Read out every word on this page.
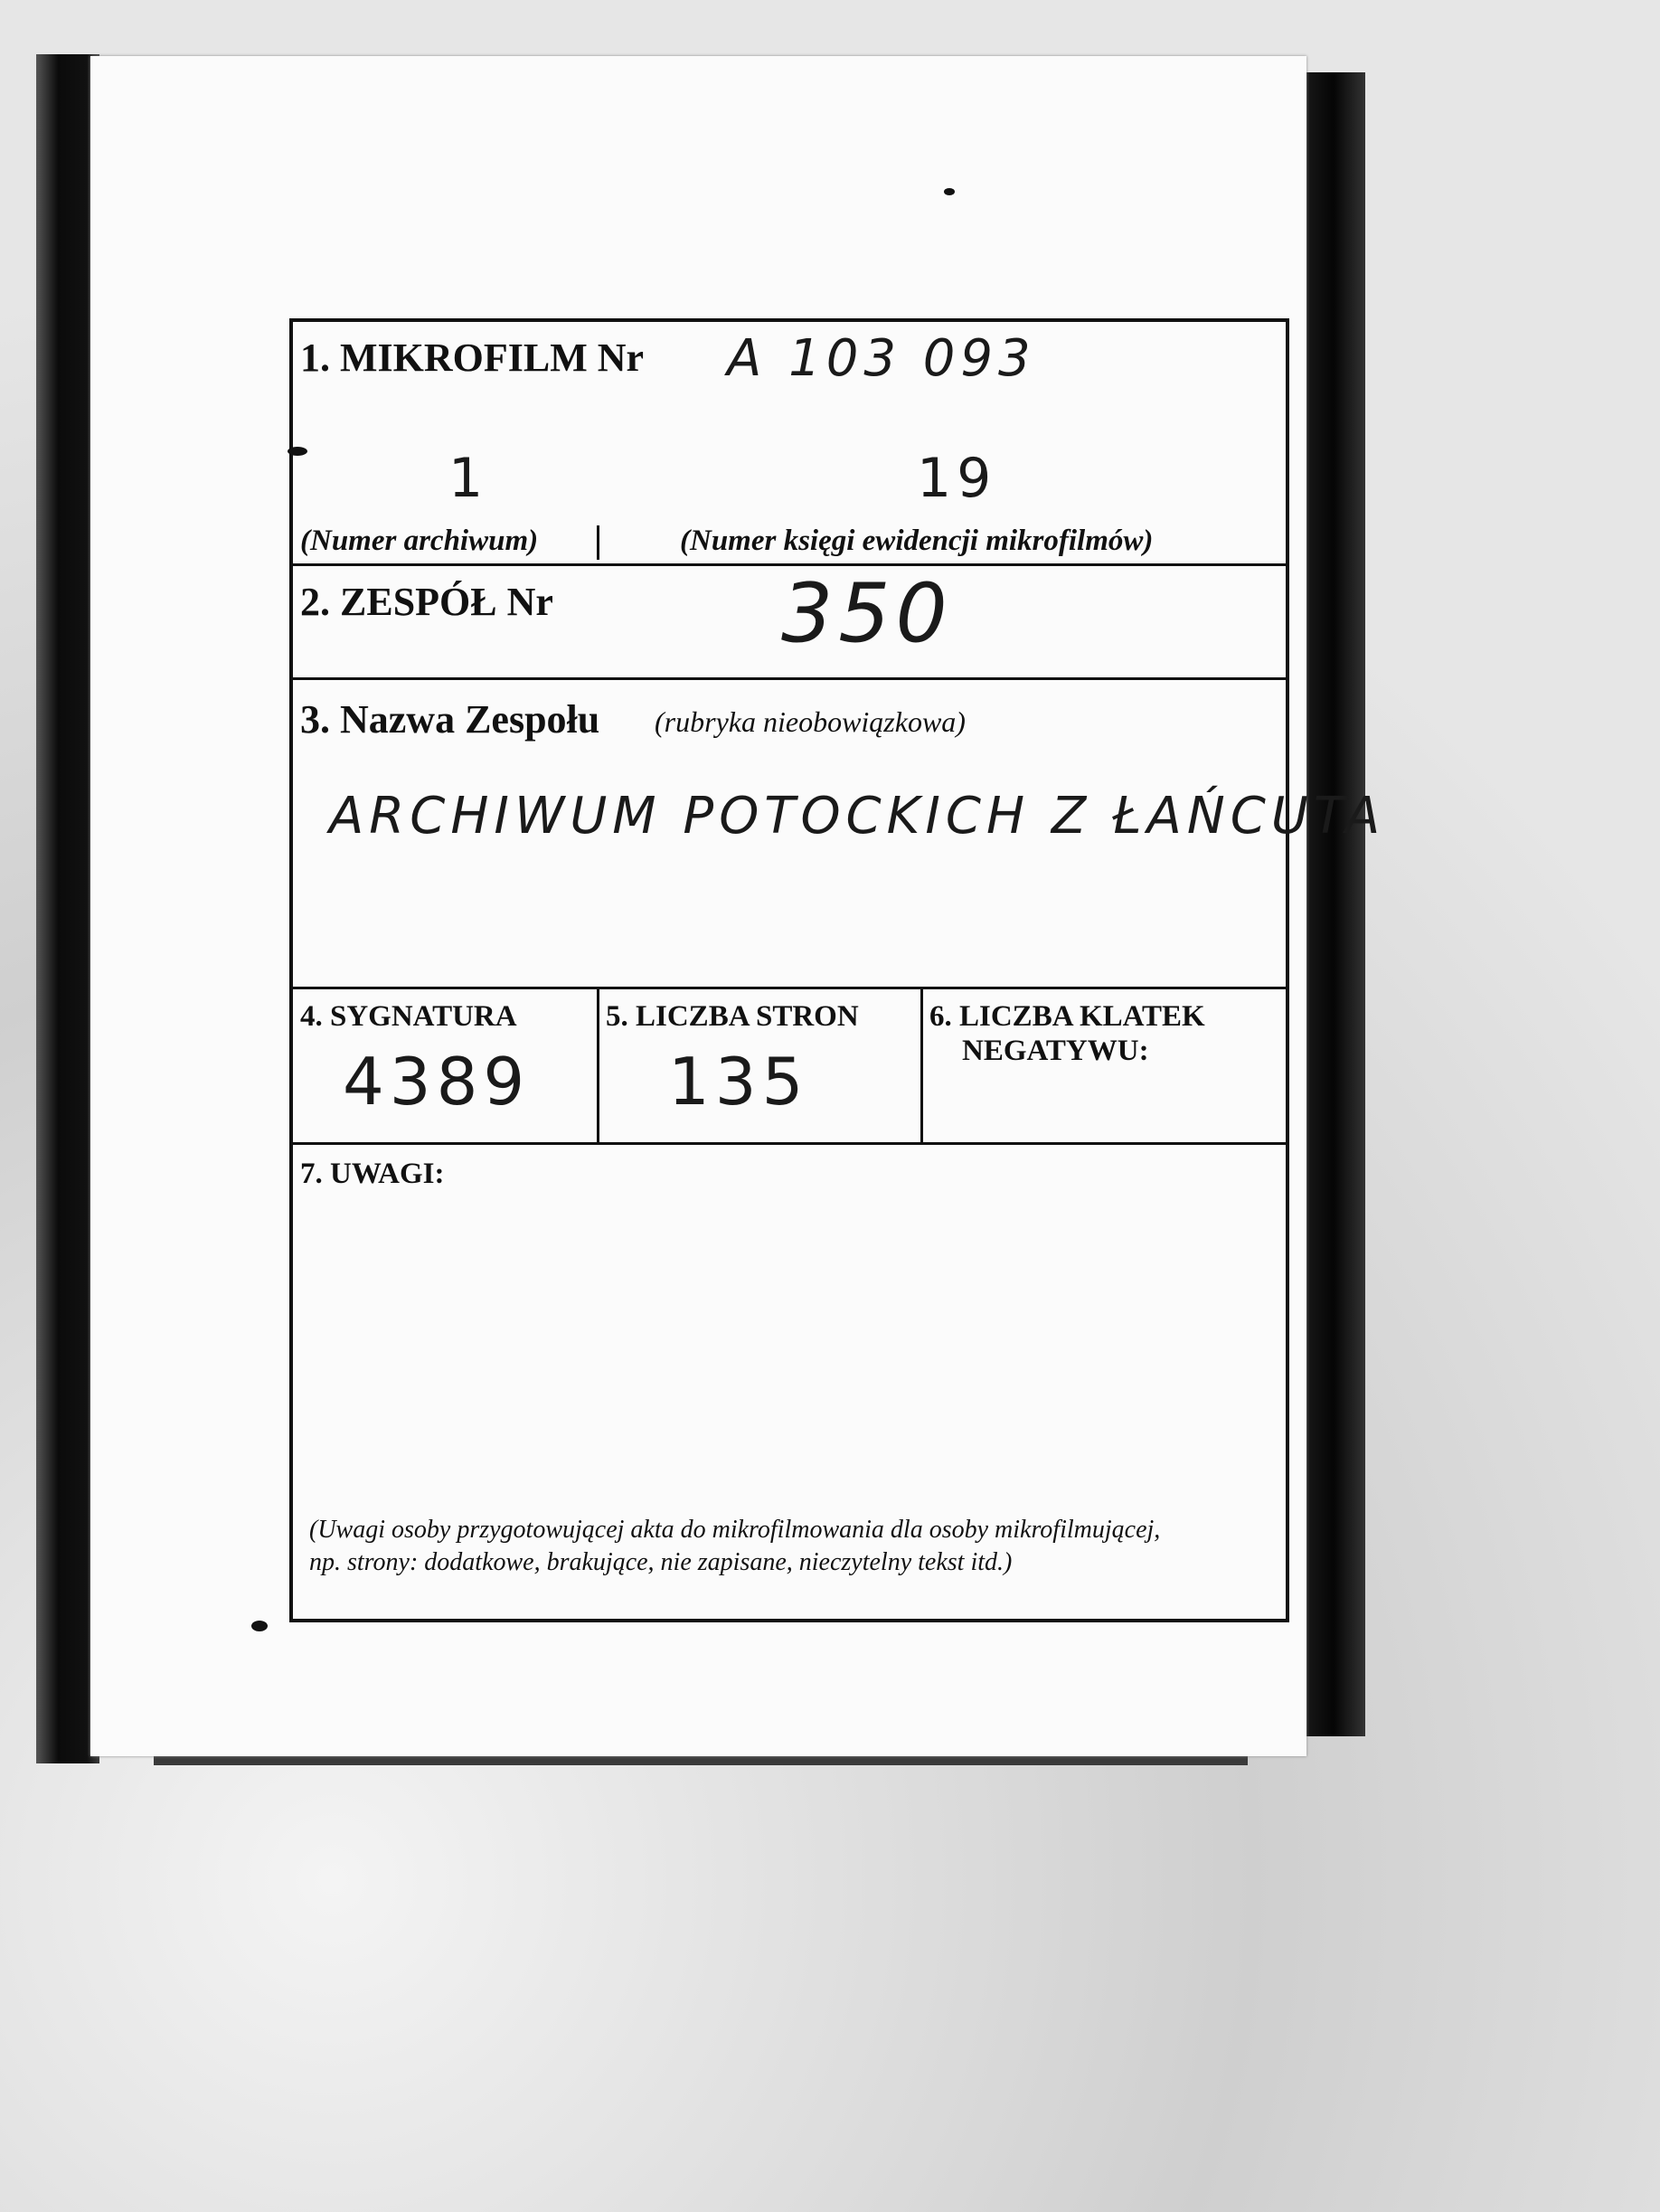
1. MIKROFILM Nr A 103 093
1	19
(Numer archiwum)	(Numer księgi ewidencji mikrofilmów)
2. ZESPÓŁ Nr	350
3. Nazwa Zespołu (rubryka nieobowiązkowa)
ARCHIWUM POTOCKICH Z ŁAŃCUTA
4. SYGNATURA
4389
5. LICZBA STRON
135
6. LICZBA KLATEK
NEGATYWU:
7. UWAGI:
(Uwagi osoby przygotowującej akta do mikrofilmowania dla osoby mikrofilmującej,
np. strony: dodatkowe, brakujące, nie zapisane, nieczytelny tekst itd.)
